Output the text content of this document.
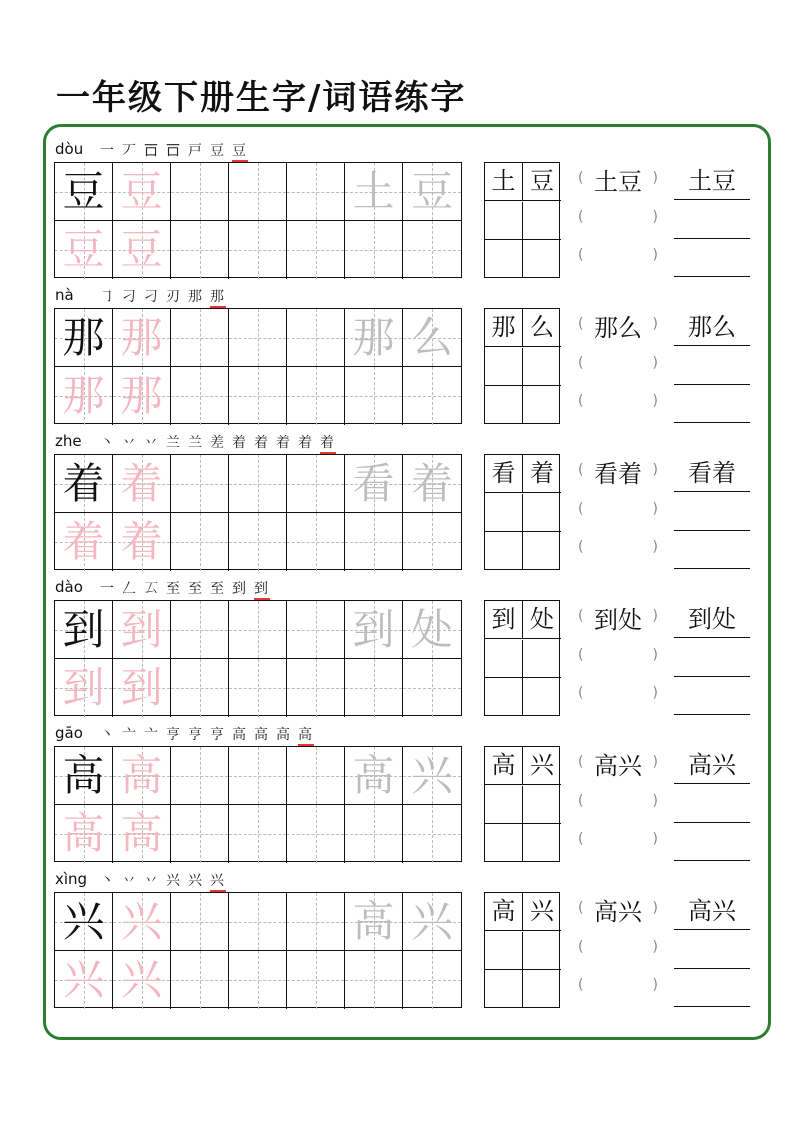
一年级下册生字/词语练字
dòu 一 丆 𠮛 𠮛 戸 豆 豆
豆 豆	土 豆
豆 豆
土 豆	(	)
土豆
(	)
(	)
土豆
nà ㇆ 刁 刁 刃 那 那
那 那	那 么
那 那
那 么	(	)
那么
(	)
(	)
那么
zhe 丶 丷 丷 兰 兰 差 着 着 着 着 着
着 着	看 着
着 着
看 着	(	)
看着
(	)
(	)
看着
dào 一 𠃋 𠫔 至 至 至 到 到
到 到	到 处
到 到
到 处	(	)
到处
(	)
(	)
到处
gāo 丶 亠 亠 亨 亨 亨 高 高 高 高
高 高	高 兴
高 高
高 兴	(	)
高兴
(	)
(	)
高兴
xìng 丶 丷 丷 兴 兴 兴
兴 兴	高 兴
兴 兴
高 兴	(	)
高兴
(	)
(	)
高兴
